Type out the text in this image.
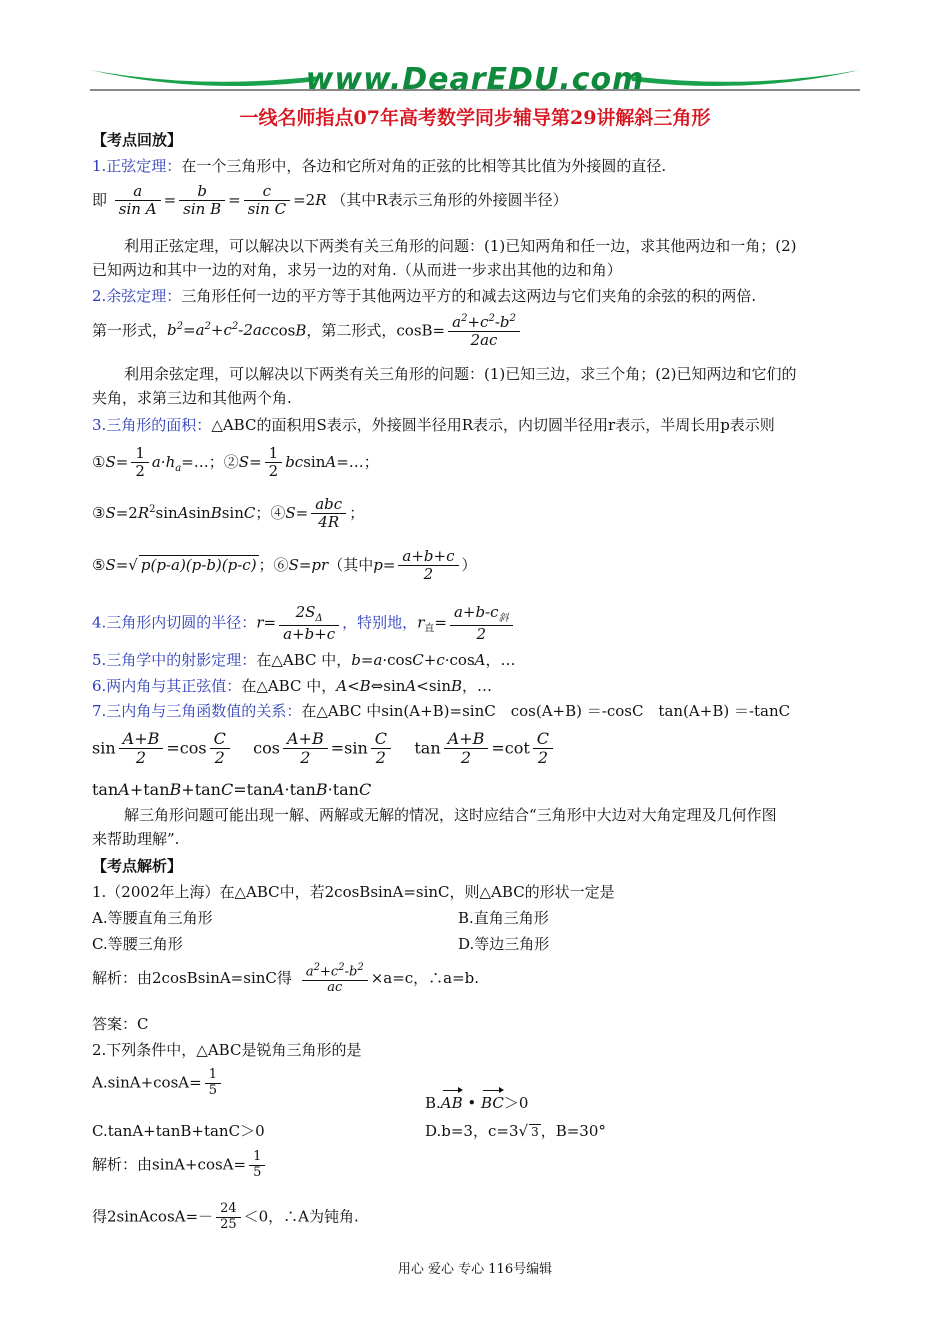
www.DearEDU.com
一线名师指点07年高考数学同步辅导第29讲解斜三角形
【考点回放】
1.正弦定理：在一个三角形中，各边和它所对角的正弦的比相等其比值为外接圆的直径.
即 $\frac{a}{\text{sin A}} = \frac{b}{\text{sin B}} = \frac{c}{\text{sin C}} =2R$ （其中R表示三角形的外接圆半径）
利用正弦定理，可以解决以下两类有关三角形的问题：(1)已知两角和任一边，求其他两边和一角；(2)
已知两边和其中一边的对角，求另一边的对角.（从而进一步求出其他的边和角）
2.余弦定理：三角形任何一边的平方等于其他两边平方的和减去这两边与它们夹角的余弦的积的两倍.
第一形式，$b^2=a^2+c^2-2accosB$，第二形式，$\cos B= \frac{a^2+c^2-b^2}{2ac}$
利用余弦定理，可以解决以下两类有关三角形的问题：(1)已知三边，求三个角；(2)已知两边和它们的
夹角，求第三边和其他两个角.
3.三角形的面积：△ABC的面积用S表示，外接圆半径用R表示，内切圆半径用r表示，半周长用p表示则
①S= $\frac{1}{2}$ $a\cdot h_a=\dots$；②S= $\frac{1}{2}$ bcsinA=…；
$③S=2R^2sinAsinBsinC$；④S= $\frac{\text{abc}}{4R}$ ；
⑤S=√ p(p-a)(p-b)(p-c) ；⑥S=pr（其中$p= \frac{a+b+c}{2}$ ）
4.三角形内切圆的半径：$r= \frac{2S_\Delta}{a+b+c}$ ，特别地，$r_直= \frac{a+b-c_斜}{2}$
5.三角学中的射影定理：在△ABC 中，b=a·cosC+c·cosA，…
6.两内角与其正弦值：在△ABC 中，A<B⇔sinA<sinB，…
7.三内角与三角函数值的关系：在△ABC 中sin(A+B)=sinC　cos(A+B) ＝-cosC　tan(A+B) ＝-tanC
$\sin \frac{A+B}{2} =\cos \frac{C}{2}$ $\cos \frac{A+B}{2} =\sin \frac{C}{2}$ $\tan \frac{A+B}{2} =\cot \frac{C}{2}$
tanA+tanB+tanC=tanA·tanB·tanC
解三角形问题可能出现一解、两解或无解的情况，这时应结合“三角形中大边对大角定理及几何作图
来帮助理解”.
【考点解析】
1.（2002年上海）在△ABC中，若2cosBsinA=sinC，则△ABC的形状一定是
A.等腰直角三角形	B.直角三角形
C.等腰三角形	D.等边三角形
解析：由2cosBsinA=sinC得 $\frac{a^2+c^2-b^2}{ac} \times a=c$，∴a=b.
答案：C
2.下列条件中，△ABC是锐角三角形的是
$A.\sin A+\cos A= \frac{1}{5}$
B.AB • BC＞0
C.tanA+tanB+tanC＞0	D.b=3，c=3√ 3 ，B=30°
解析：由$\sin A+\cos A= \frac{1}{5}$
得2sinAcosA=－ $\frac{24}{25} <0$，∴A为钝角.
用心 爱心 专心 116号编辑
